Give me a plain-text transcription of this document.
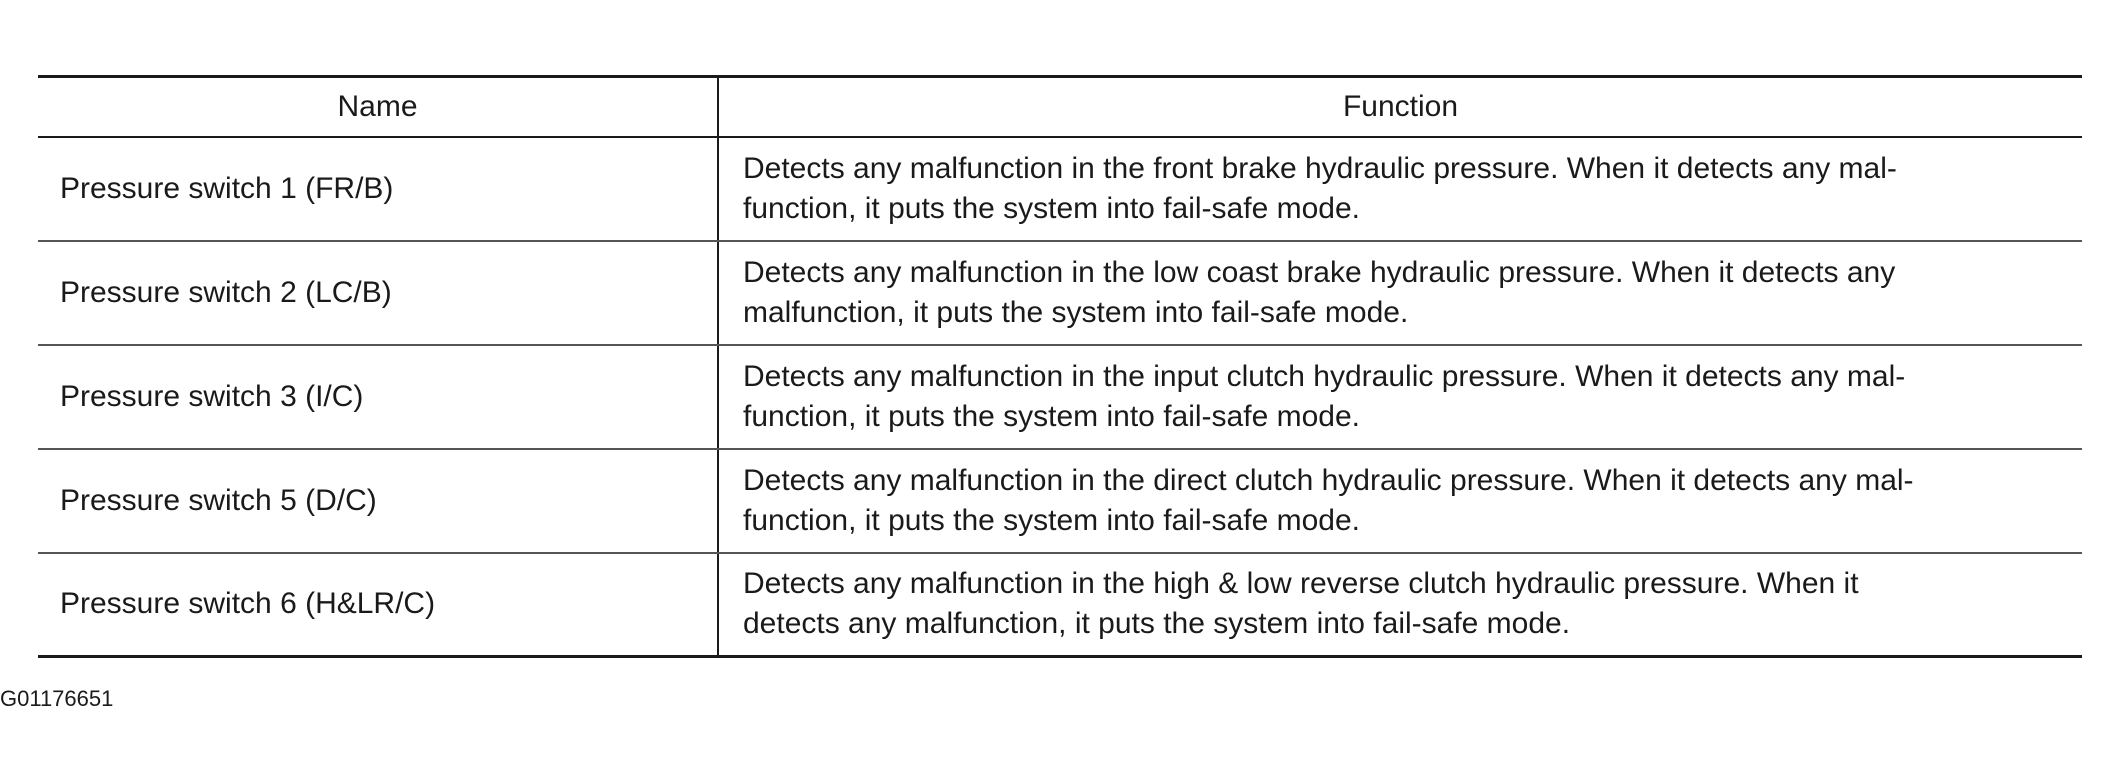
Name	Function
Pressure switch 1 (FR/B)	Detects any malfunction in the front brake hydraulic pressure. When it detects any mal-
function, it puts the system into fail-safe mode.
Pressure switch 2 (LC/B)	Detects any malfunction in the low coast brake hydraulic pressure. When it detects any
malfunction, it puts the system into fail-safe mode.
Pressure switch 3 (I/C)	Detects any malfunction in the input clutch hydraulic pressure. When it detects any mal-
function, it puts the system into fail-safe mode.
Pressure switch 5 (D/C)	Detects any malfunction in the direct clutch hydraulic pressure. When it detects any mal-
function, it puts the system into fail-safe mode.
Pressure switch 6 (H&LR/C)	Detects any malfunction in the high & low reverse clutch hydraulic pressure. When it
detects any malfunction, it puts the system into fail-safe mode.
G01176651
